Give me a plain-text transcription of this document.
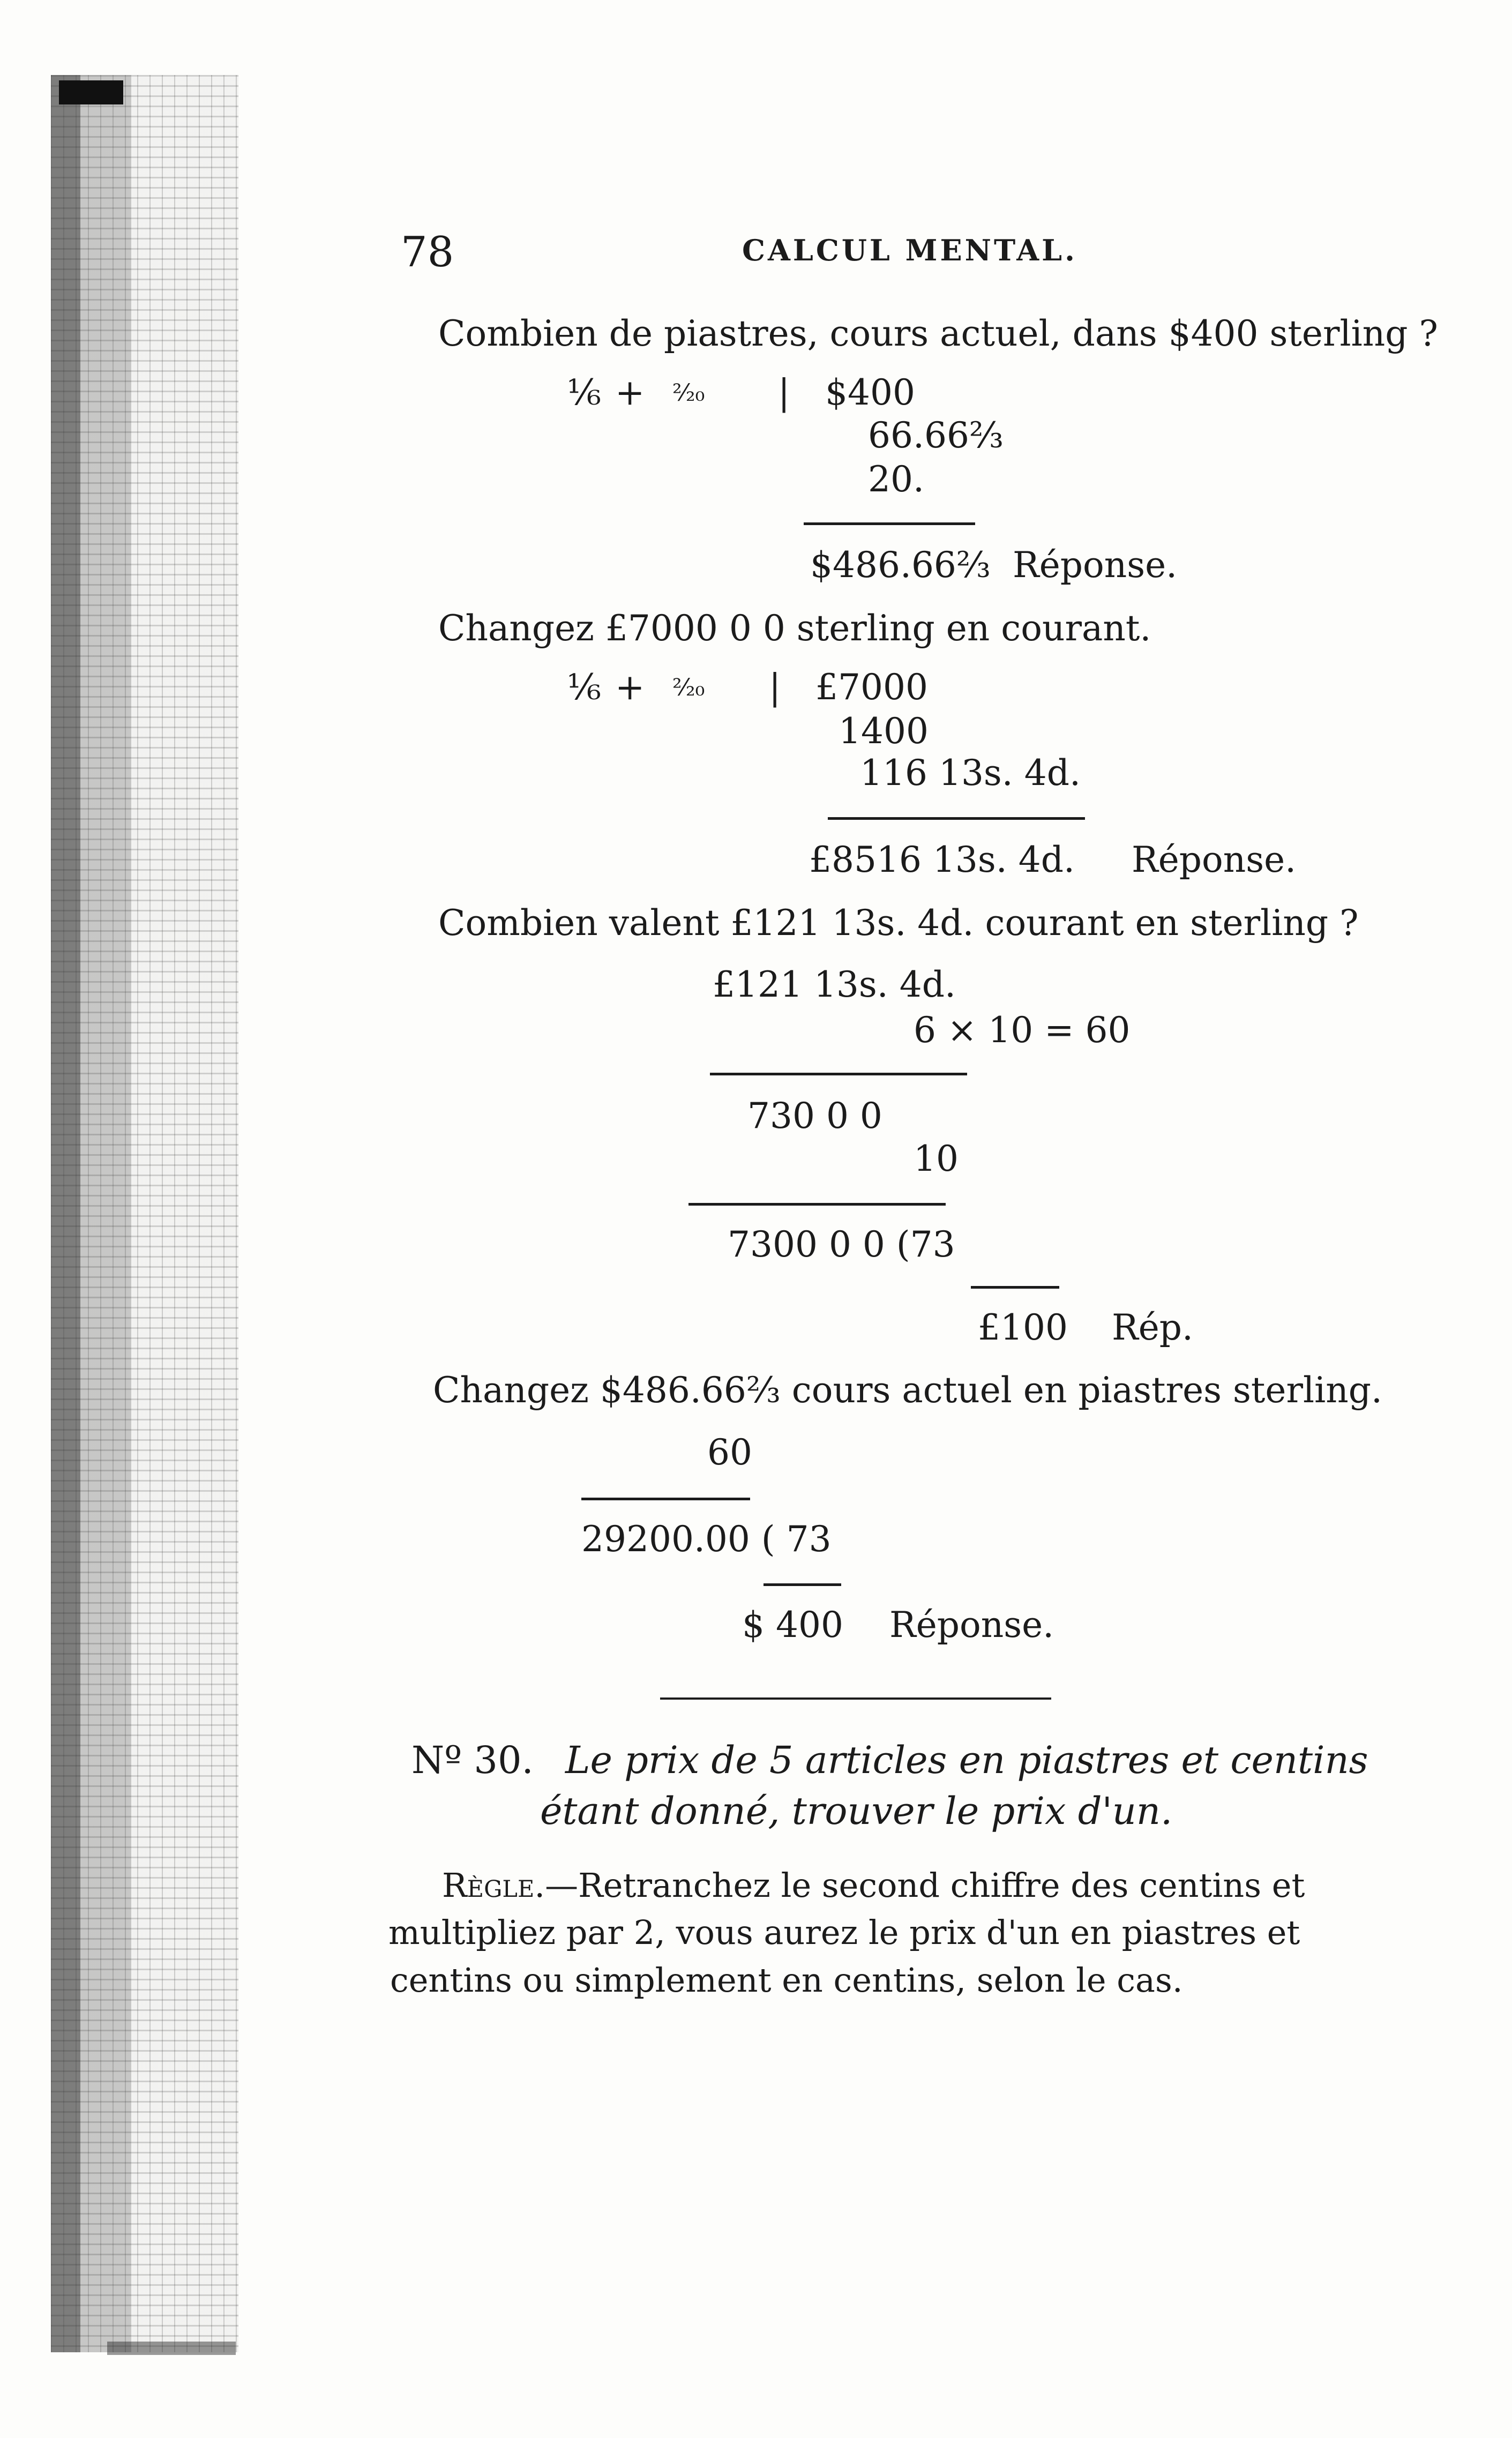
78	CALCUL MENTAL.
Combien de piastres, cours actuel, dans $400 sterling ?
⅙ + ²⁄₂₀ | $400
66.66⅔
20.
$486.66⅔ Réponse.
Changez £7000 0 0 sterling en courant.
⅙ + ²⁄₂₀ | £7000
1400
116 13s. 4d.
£8516 13s. 4d. Réponse.
Combien valent £121 13s. 4d. courant en sterling ?
£121 13s. 4d.
6 × 10 = 60
730 0 0
10
7300 0 0 (73
£100 Rép.
Changez $486.66⅔ cours actuel en piastres sterling.
60
29200.00 ( 73
$ 400 Réponse.
Nº 30. Le prix de 5 articles en piastres et centins
étant donné, trouver le prix d'un.
Règle.—Retranchez le second chiffre des centins et
multipliez par 2, vous aurez le prix d'un en piastres et
centins ou simplement en centins, selon le cas.
